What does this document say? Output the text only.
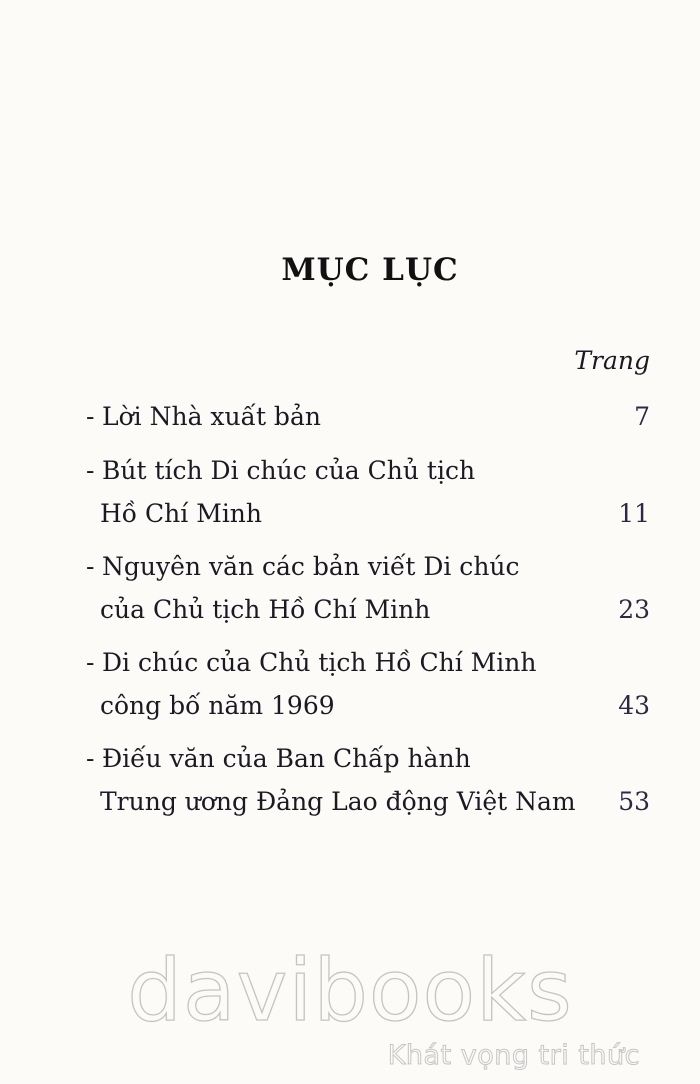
MỤC LỤC
Trang
- Lời Nhà xuất bản	7
- Bút tích Di chúc của Chủ tịch
Hồ Chí Minh	11
- Nguyên văn các bản viết Di chúc
của Chủ tịch Hồ Chí Minh	23
- Di chúc của Chủ tịch Hồ Chí Minh
công bố năm 1969	43
- Điếu văn của Ban Chấp hành
Trung ương Đảng Lao động Việt Nam 53
davibooks
Khát vọng tri thức
